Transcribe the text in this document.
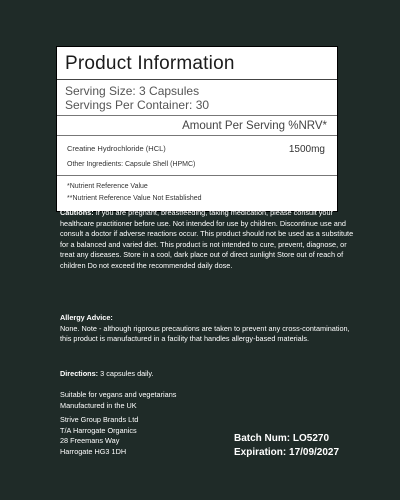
Product Information
Serving Size: 3 Capsules
Servings Per Container: 30
Amount Per Serving %NRV*
Creatine Hydrochloride (HCL)	1500mg
Other Ingredients: Capsule Shell (HPMC)
*Nutrient Reference Value
**Nutrient Reference Value Not Established
Cautions: If you are pregnant, breastfeeding, taking medication, please consult your healthcare practitioner before use. Not intended for use by children. Discontinue use and consult a doctor if adverse reactions occur. This product should not be used as a substitute for a balanced and varied diet. This product is not intended to cure, prevent, diagnose, or treat any diseases. Store in a cool, dark place out of direct sunlight Store out of reach of children Do not exceed the recommended daily dose.
Allergy Advice:
None. Note - although rigorous precautions are taken to prevent any cross-contamination, this product is manufactured in a facility that handles allergy-based materials.
Directions: 3 capsules daily.
Suitable for vegans and vegetarians
Manufactured in the UK
Strive Group Brands Ltd
T/A Harrogate Organics
28 Freemans Way
Harrogate HG3 1DH
Batch Num: LO5270
Expiration: 17/09/2027
